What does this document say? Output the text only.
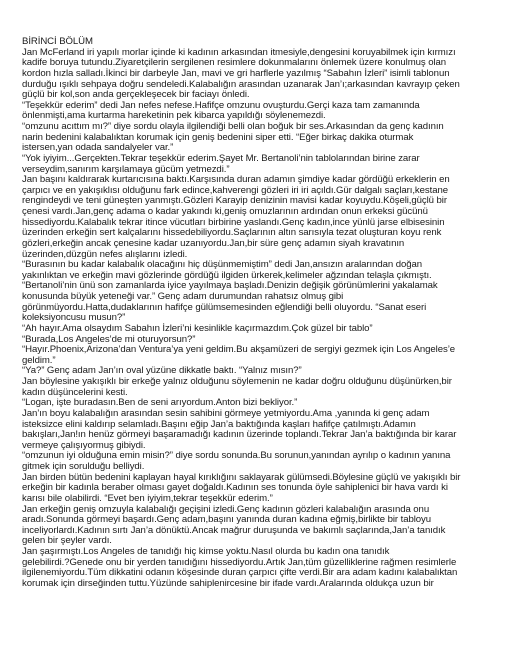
BİRİNCİ BÖLÜM
Jan McFerland iri yapılı morlar içinde ki kadının arkasından itmesiyle,dengesini koruyabilmek için kırmızı
kadife boruya tutundu.Ziyaretçilerin sergilenen resimlere dokunmalarını önlemek üzere konulmuş olan
kordon hızla salladı.İkinci bir darbeyle Jan, mavi ve gri harflerle yazılmış “Sabahın İzleri” isimli tablonun
durduğu ışıklı sehpaya doğru sendeledi.Kalabalığın arasından uzanarak Jan’ı;arkasından kavrayıp çeken
güçlü bir kol,son anda gerçekleşecek bir faciayı önledi.
“Teşekkür ederim” dedi Jan nefes nefese.Hafifçe omzunu ovuşturdu.Gerçi kaza tam zamanında
önlenmişti,ama kurtarma hareketinin pek kibarca yapıldığı söylenemezdi.
“omzunu acıttım mı?” diye sordu olayla ilgilendiği belli olan boğuk bir ses.Arkasından da genç kadının
narin bedenini kalabalıktan korumak için geniş bedenini siper etti. “Eğer birkaç dakika oturmak
istersen,yan odada sandalyeler var.”
“Yok iyiyim...Gerçekten.Tekrar teşekkür ederim.Şayet Mr. Bertanoli’nin tablolarından birine zarar
verseydim,sanırım karşılamaya gücüm yetmezdi.”
Jan başını kaldırarak kurtarıcısına baktı.Karşısında duran adamın şimdiye kadar gördüğü erkeklerin en
çarpıcı ve en yakışıklısı olduğunu fark edince,kahverengi gözleri iri iri açıldı.Gür dalgalı saçları,kestane
rengindeydi ve teni güneşten yanmıştı.Gözleri Karayip denizinin mavisi kadar koyuydu.Köşeli,güçlü bir
çenesi vardı.Jan,genç adama o kadar yakındı ki,geniş omuzlarının ardından onun erkeksi gücünü
hissediyordu.Kalabalık tekrar itince vücutları birbirine yaslandı.Genç kadın,ince yünlü jarse elbisesinin
üzerinden erkeğin sert kalçalarını hissedebiliyordu.Saçlarının altın sarısıyla tezat oluşturan koyu renk
gözleri,erkeğin ancak çenesine kadar uzanıyordu.Jan,bir süre genç adamın siyah kravatının
üzerinden,düzgün nefes alışlarını izledi.
“Burasının bu kadar kalabalık olacağını hiç düşünmemiştim” dedi Jan,ansızın aralarından doğan
yakınlıktan ve erkeğin mavi gözlerinde gördüğü ilgiden ürkerek,kelimeler ağzından telaşla çıkmıştı.
“Bertanoli’nin ünü son zamanlarda iyice yayılmaya başladı.Denizin değişik görünümlerini yakalamak
konusunda büyük yeteneği var.” Genç adam durumundan rahatsız olmuş gibi
görünmüyordu.Hatta,dudaklarının hafifçe gülümsemesinden eğlendiği belli oluyordu. “Sanat eseri
koleksiyoncusu musun?”
“Ah hayır.Ama olsaydım Sabahın İzleri’ni kesinlikle kaçırmazdım.Çok güzel bir tablo”
“Burada,Los Angeles’de mi oturuyorsun?”
“Hayır.Phoenix,Arizona’dan Ventura’ya yeni geldim.Bu akşamüzeri de sergiyi gezmek için Los Angeles’e
geldim.”
“Ya?” Genç adam Jan’ın oval yüzüne dikkatle baktı. “Yalnız mısın?”
Jan böylesine yakışıklı bir erkeğe yalnız olduğunu söylemenin ne kadar doğru olduğunu düşünürken,bir
kadın düşüncelerini kesti.
“Logan, işte buradasın.Ben de seni arıyordum.Anton bizi bekliyor.”
Jan’ın boyu kalabalığın arasından sesin sahibini görmeye yetmiyordu.Ama ,yanında ki genç adam
isteksizce elini kaldırıp selamladı.Başını eğip Jan’a baktığında kaşları hafifçe çatılmıştı.Adamın
bakışları,Jan!ın henüz görmeyi başaramadığı kadının üzerinde toplandı.Tekrar Jan’a baktığında bir karar
vermeye çalışıyormuş gibiydi.
“omzunun iyi olduğuna emin misin?” diye sordu sonunda.Bu sorunun,yanından ayrılıp o kadının yanına
gitmek için sorulduğu belliydi.
Jan birden bütün bedenini kaplayan hayal kırıklığını saklayarak gülümsedi.Böylesine güçlü ve yakışıklı bir
erkeğin bir kadınla beraber olması gayet doğaldı.Kadının ses tonunda öyle sahiplenici bir hava vardı ki
karısı bile olabilirdi. “Evet ben iyiyim,tekrar teşekkür ederim.”
Jan erkeğin geniş omzuyla kalabalığı geçişini izledi.Genç kadının gözleri kalabalığın arasında onu
aradı.Sonunda görmeyi başardı.Genç adam,başını yanında duran kadına eğmiş,birlikte bir tabloyu
inceliyorlardı.Kadının sırtı Jan’a dönüktü.Ancak mağrur duruşunda ve bakımlı saçlarında,Jan’a tanıdık
gelen bir şeyler vardı.
Jan şaşırmıştı.Los Angeles de tanıdığı hiç kimse yoktu.Nasıl olurda bu kadın ona tanıdık
gelebilirdi.?Genede onu bir yerden tanıdığını hissediyordu.Artık Jan,tüm güzelliklerine rağmen resimlerle
ilgilenemiyordu.Tüm dikkatini odanın köşesinde duran çarpıcı çifte verdi.Bir ara adam kadını kalabalıktan
korumak için dirseğinden tuttu.Yüzünde sahiplenircesine bir ifade vardı.Aralarında oldukça uzun bir
